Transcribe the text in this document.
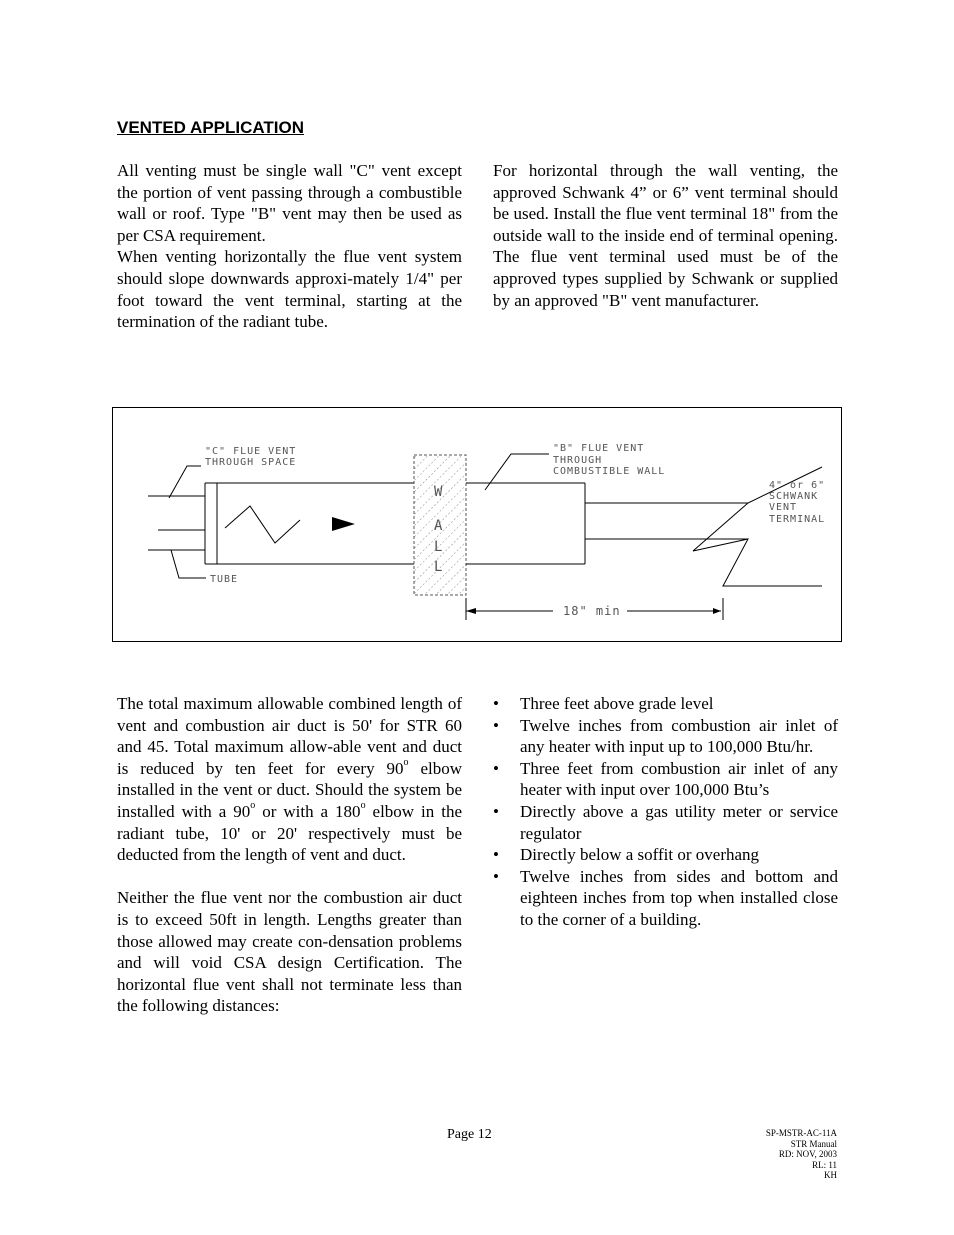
VENTED APPLICATION

All venting must be single wall "C" vent except the portion of vent passing through a combustible wall or roof. Type "B" vent may then be used as per CSA requirement.

When venting horizontally the flue vent system should slope downwards approxi-mately 1/4" per foot toward the vent terminal, starting at the termination of the radiant tube.

For horizontal through the wall venting, the approved Schwank 4” or 6” vent terminal should be used. Install the flue vent terminal 18" from the outside wall to the inside end of terminal opening. The flue vent terminal used must be of the approved types supplied by Schwank or supplied by an approved "B" vent manufacturer.

W
A
L
L
"C" FLUE VENT
THROUGH SPACE
"B" FLUE VENT
THROUGH
COMBUSTIBLE WALL
4" or 6"
SCHWANK
VENT
TERMINAL
TUBE
18" min

The total maximum allowable combined length of vent and combustion air duct is 50' for STR 60 and 45. Total maximum allow-able vent and duct is reduced by ten feet for every 90$^o$ elbow installed in the vent or duct. Should the system be installed with a 90$^o$ or with a 180$^o$ elbow in the radiant tube, 10' or 20' respectively must be deducted from the length of vent and duct.

Neither the flue vent nor the combustion air duct is to exceed 50ft in length. Lengths greater than those allowed may create con-densation problems and will void CSA design Certification. The horizontal flue vent shall not terminate less than the following distances:

• Three feet above grade level
• Twelve inches from combustion air inlet of any heater with input up to 100,000 Btu/hr.
• Three feet from combustion air inlet of any heater with input over 100,000 Btu’s
• Directly above a gas utility meter or service regulator
• Directly below a soffit or overhang
• Twelve inches from sides and bottom and eighteen inches from top when installed close to the corner of a building.
Page 12	SP-MSTR-AC-11A
STR Manual
RD: NOV, 2003
RL: 11
KH
